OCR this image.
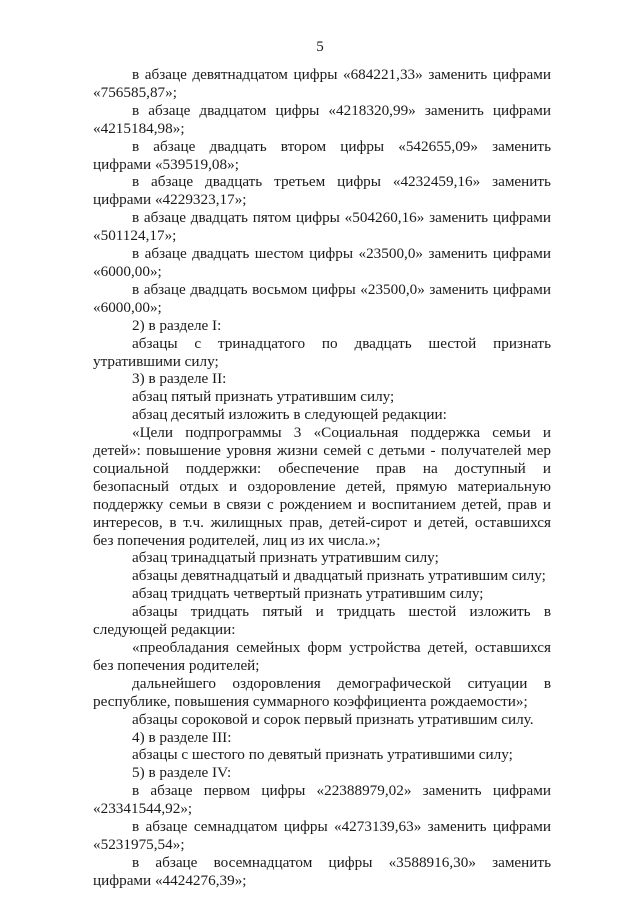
5

в абзаце девятнадцатом цифры «684221,33» заменить цифрами «756585,87»;

в абзаце двадцатом цифры «4218320,99» заменить цифрами «4215184,98»;

в абзаце двадцать втором цифры «542655,09» заменить цифрами «539519,08»;

в абзаце двадцать третьем цифры «4232459,16» заменить цифрами «4229323,17»;

в абзаце двадцать пятом цифры «504260,16» заменить цифрами «501124,17»;

в абзаце двадцать шестом цифры «23500,0» заменить цифрами «6000,00»;

в абзаце двадцать восьмом цифры «23500,0» заменить цифрами «6000,00»;

2) в разделе I:

абзацы с тринадцатого по двадцать шестой признать утратившими силу;

3) в разделе II:

абзац пятый признать утратившим силу;

абзац десятый изложить в следующей редакции:

«Цели подпрограммы 3 «Социальная поддержка семьи и детей»: повышение уровня жизни семей с детьми - получателей мер социальной поддержки: обеспечение прав на доступный и безопасный отдых и оздоровление детей, прямую материальную поддержку семьи в связи с рождением и воспитанием детей, прав и интересов, в т.ч. жилищных прав, детей-сирот и детей, оставшихся без попечения родителей, лиц из их числа.»;

абзац тринадцатый признать утратившим силу;

абзацы девятнадцатый и двадцатый признать утратившим силу;

абзац тридцать четвертый признать утратившим силу;

абзацы тридцать пятый и тридцать шестой изложить в следующей редакции:

«преобладания семейных форм устройства детей, оставшихся без попечения родителей;

дальнейшего оздоровления демографической ситуации в республике, повышения суммарного коэффициента рождаемости»;

абзацы сороковой и сорок первый признать утратившим силу.

4) в разделе III:

абзацы с шестого по девятый признать утратившими силу;

5) в разделе IV:

в абзаце первом цифры «22388979,02» заменить цифрами «23341544,92»;

в абзаце семнадцатом цифры «4273139,63» заменить цифрами «5231975,54»;

в абзаце восемнадцатом цифры «3588916,30» заменить цифрами «4424276,39»;
